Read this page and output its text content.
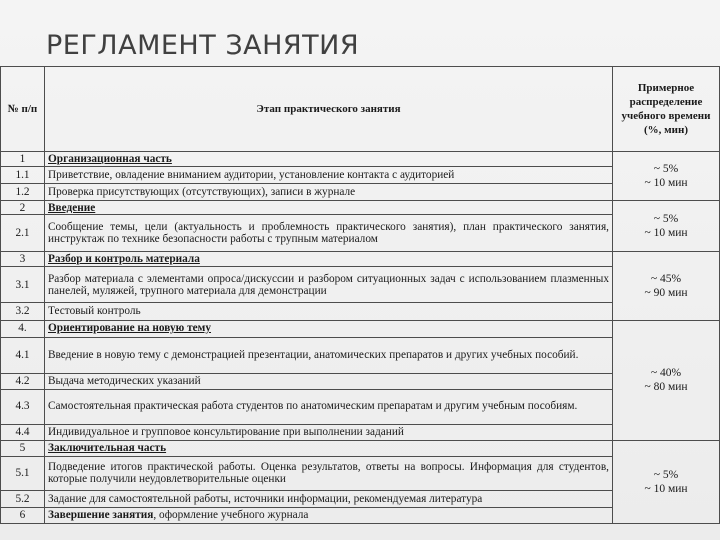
РЕГЛАМЕНТ ЗАНЯТИЯ
№ п/п	Этап практического занятия	Примерное распределение учебного времени (%, мин)
1	Организационная часть	~ 5%
~ 10 мин

1.1	Приветствие, овладение вниманием аудитории, установление контакта с аудиторией	
1.2	Проверка присутствующих (отсутствующих), записи в журнале	
2	Введение	~ 5%
~ 10 мин

2.1	Сообщение темы, цели (актуальность и проблемность практического занятия), план практического занятия, инструктаж по технике безопасности работы с трупным материалом	
3	Разбор и контроль материала	~ 45%
~ 90 мин

3.1	Разбор материала с элементами опроса/дискуссии и разбором ситуационных задач с использованием плазменных панелей, муляжей, трупного материала для демонстрации	
3.2	Тестовый контроль	
4.	Ориентирование на новую тему	~ 40%
~ 80 мин

4.1	Введение в новую тему с демонстрацией презентации, анатомических препаратов и других учебных пособий.	
4.2	Выдача методических указаний	
4.3	Самостоятельная практическая работа студентов по анатомическим препаратам и другим учебным пособиям.	
4.4	Индивидуальное и групповое консультирование при выполнении заданий	
5	Заключительная часть	~ 5%
~ 10 мин

5.1	Подведение итогов практической работы. Оценка результатов, ответы на вопросы. Информация для студентов, которые получили неудовлетворительные оценки	
5.2	Задание для самостоятельной работы, источники информации, рекомендуемая литература	
6	Завершение занятия, оформление учебного журнала	
